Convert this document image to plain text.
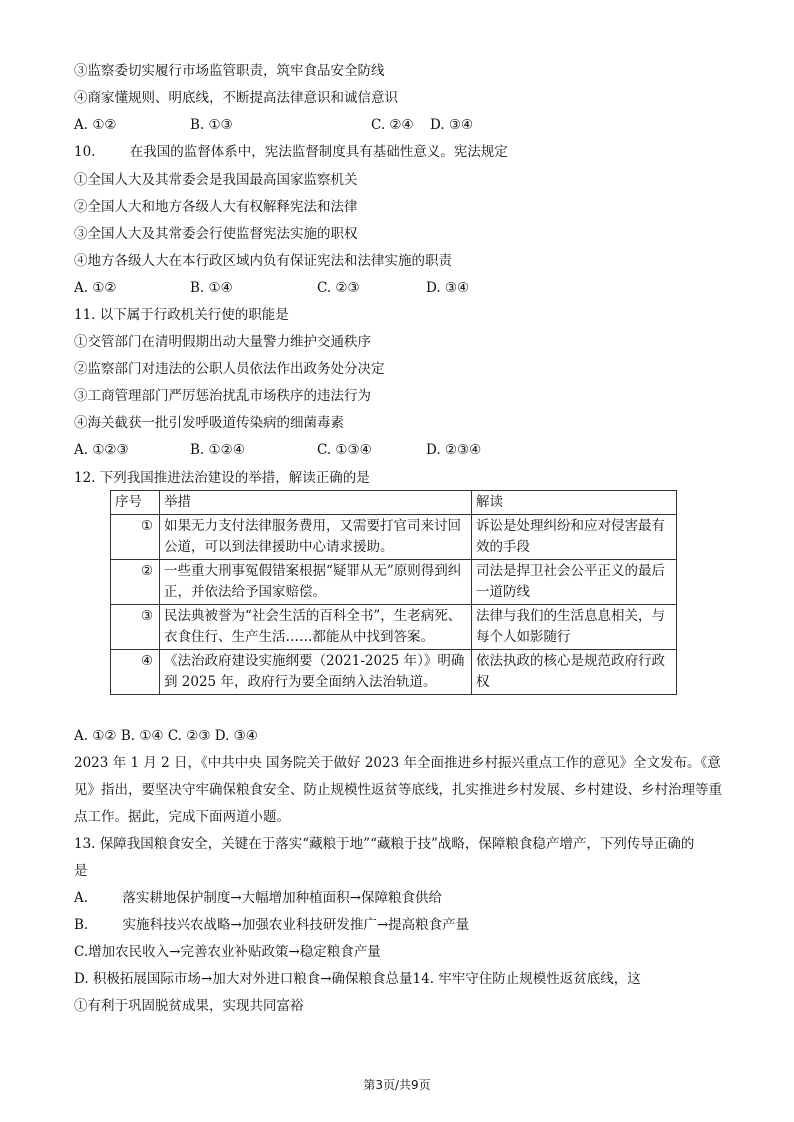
③监察委切实履行市场监管职责，筑牢食品安全防线
④商家懂规则、明底线，不断提高法律意识和诚信意识
A. ①②	B. ①③	C. ②④ D. ③④
10.        在我国的监督体系中，宪法监督制度具有基础性意义。宪法规定
①全国人大及其常委会是我国最高国家监察机关
②全国人大和地方各级人大有权解释宪法和法律
③全国人大及其常委会行使监督宪法实施的职权
④地方各级人大在本行政区域内负有保证宪法和法律实施的职责
A. ①②	B. ①④	C. ②③	D. ③④
11. 以下属于行政机关行使的职能是
①交管部门在清明假期出动大量警力维护交通秩序
②监察部门对违法的公职人员依法作出政务处分决定
③工商管理部门严厉惩治扰乱市场秩序的违法行为
④海关截获一批引发呼吸道传染病的细菌毒素
A. ①②③	B. ①②④	C. ①③④	D. ②③④
12. 下列我国推进法治建设的举措，解读正确的是
序号	举措	解读
①	如果无力支付法律服务费用，又需要打官司来讨回公道，可以到法律援助中心请求援助。	诉讼是处理纠纷和应对侵害最有效的手段
②	一些重大刑事冤假错案根据“疑罪从无”原则得到纠正，并依法给予国家赔偿。	司法是捍卫社会公平正义的最后一道防线
③	民法典被誉为“社会生活的百科全书”，生老病死、衣食住行、生产生活……都能从中找到答案。	法律与我们的生活息息相关，与每个人如影随行
④	《法治政府建设实施纲要（2021-2025 年）》明确到 2025 年，政府行为要全面纳入法治轨道。	依法执政的核心是规范政府行政权
A. ①② B. ①④ C. ②③ D. ③④
2023 年 1 月 2 日，《中共中央 国务院关于做好 2023 年全面推进乡村振兴重点工作的意见》全文发布。《意
见》指出，要坚决守牢确保粮食安全、防止规模性返贫等底线，扎实推进乡村发展、乡村建设、乡村治理等重
点工作。据此，完成下面两道小题。
13. 保障我国粮食安全，关键在于落实“藏粮于地”“藏粮于技”战略，保障粮食稳产增产，下列传导正确的
是
A.        落实耕地保护制度→大幅增加种植面积→保障粮食供给
B.        实施科技兴农战略→加强农业科技研发推广→提高粮食产量
C.增加农民收入→完善农业补贴政策→稳定粮食产量
D. 积极拓展国际市场→加大对外进口粮食→确保粮食总量14. 牢牢守住防止规模性返贫底线，这
①有利于巩固脱贫成果，实现共同富裕
第3页/共9页
